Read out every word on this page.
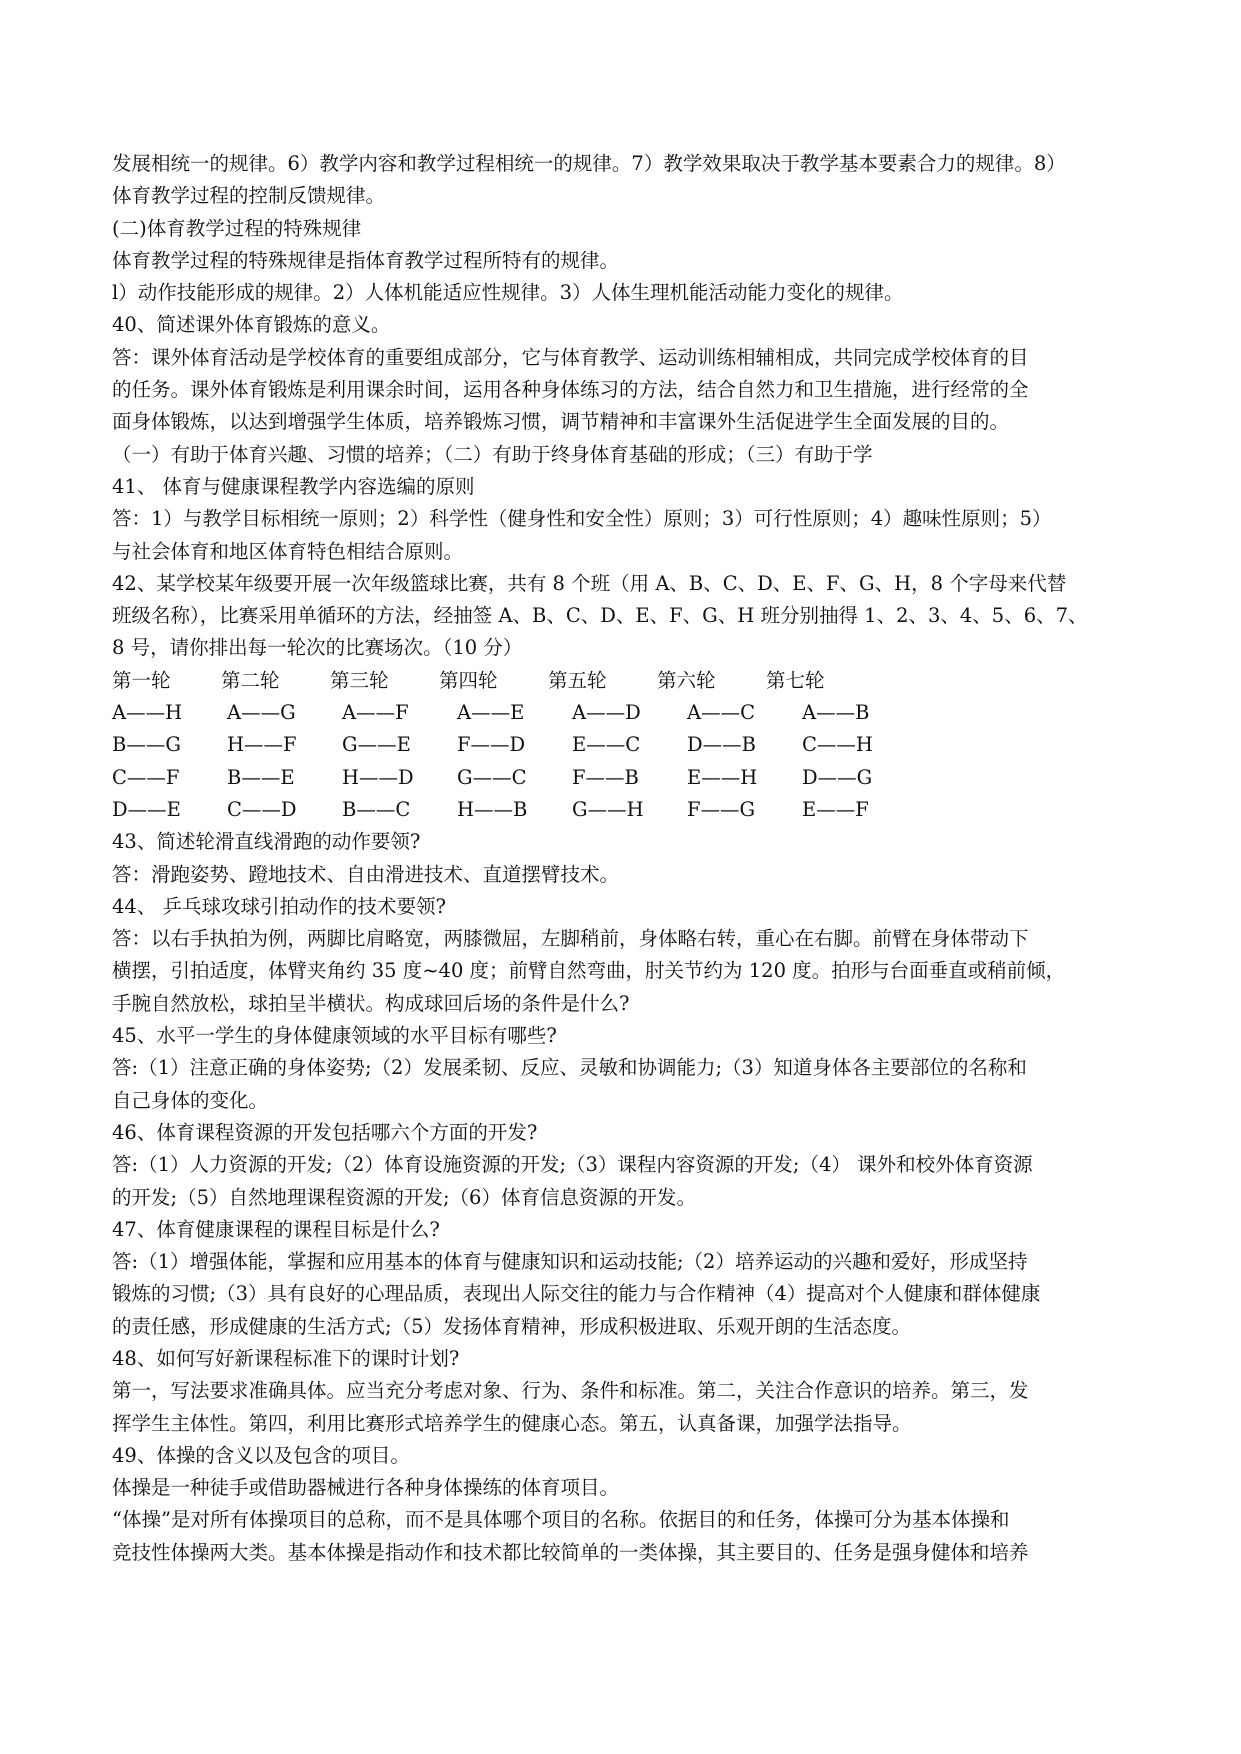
发展相统一的规律。6）教学内容和教学过程相统一的规律。7）教学效果取决于教学基本要素合力的规律。8）
体育教学过程的控制反馈规律。
(二)体育教学过程的特殊规律
体育教学过程的特殊规律是指体育教学过程所特有的规律。
l）动作技能形成的规律。2）人体机能适应性规律。3）人体生理机能活动能力变化的规律。
40、简述课外体育锻炼的意义。
答：课外体育活动是学校体育的重要组成部分，它与体育教学、运动训练相辅相成，共同完成学校体育的目
的任务。课外体育锻炼是利用课余时间，运用各种身体练习的方法，结合自然力和卫生措施，进行经常的全
面身体锻炼，以达到增强学生体质，培养锻炼习惯，调节精神和丰富课外生活促进学生全面发展的目的。
（一）有助于体育兴趣、习惯的培养；（二）有助于终身体育基础的形成；（三）有助于学
41、 体育与健康课程教学内容选编的原则
答：1）与教学目标相统一原则；2）科学性（健身性和安全性）原则；3）可行性原则；4）趣味性原则；5）
与社会体育和地区体育特色相结合原则。
42、某学校某年级要开展一次年级篮球比赛，共有 8 个班（用 A、B、C、D、E、F、G、H，8 个字母来代替
班级名称），比赛采用单循环的方法，经抽签 A、B、C、D、E、F、G、H 班分别抽得 1、2、3、4、5、6、7、
8 号，请你排出每一轮次的比赛场次。（10 分）
第一轮	第二轮	第三轮	第四轮	第五轮	第六轮	第七轮
A——H	A——G	A——F	A——E	A——D	A——C	A——B
B——G	H——F	G——E	F——D	E——C	D——B	C——H
C——F	B——E	H——D	G——C	F——B	E——H	D——G
D——E	C——D	B——C	H——B	G——H	F——G	E——F
43、简述轮滑直线滑跑的动作要领?
答：滑跑姿势、蹬地技术、自由滑进技术、直道摆臂技术。
44、 乒乓球攻球引拍动作的技术要领?
答：以右手执拍为例，两脚比肩略宽，两膝微屈，左脚稍前，身体略右转，重心在右脚。前臂在身体带动下
横摆，引拍适度，体臂夹角约 35 度~40 度；前臂自然弯曲，肘关节约为 120 度。拍形与台面垂直或稍前倾，
手腕自然放松，球拍呈半横状。构成球回后场的条件是什么?
45、水平一学生的身体健康领域的水平目标有哪些?
答:（1）注意正确的身体姿势;（2）发展柔韧、反应、灵敏和协调能力;（3）知道身体各主要部位的名称和
自己身体的变化。
46、体育课程资源的开发包括哪六个方面的开发?
答:（1）人力资源的开发;（2）体育设施资源的开发;（3）课程内容资源的开发;（4） 课外和校外体育资源
的开发;（5）自然地理课程资源的开发;（6）体育信息资源的开发。
47、体育健康课程的课程目标是什么?
答:（1）增强体能，掌握和应用基本的体育与健康知识和运动技能;（2）培养运动的兴趣和爱好，形成坚持
锻炼的习惯;（3）具有良好的心理品质，表现出人际交往的能力与合作精神（4）提高对个人健康和群体健康
的责任感，形成健康的生活方式;（5）发扬体育精神，形成积极进取、乐观开朗的生活态度。
48、如何写好新课程标准下的课时计划?
第一，写法要求准确具体。应当充分考虑对象、行为、条件和标准。第二，关注合作意识的培养。第三，发
挥学生主体性。第四，利用比赛形式培养学生的健康心态。第五，认真备课，加强学法指导。
49、体操的含义以及包含的项目。
体操是一种徒手或借助器械进行各种身体操练的体育项目。
“体操”是对所有体操项目的总称，而不是具体哪个项目的名称。依据目的和任务，体操可分为基本体操和
竞技性体操两大类。基本体操是指动作和技术都比较简单的一类体操，其主要目的、任务是强身健体和培养
